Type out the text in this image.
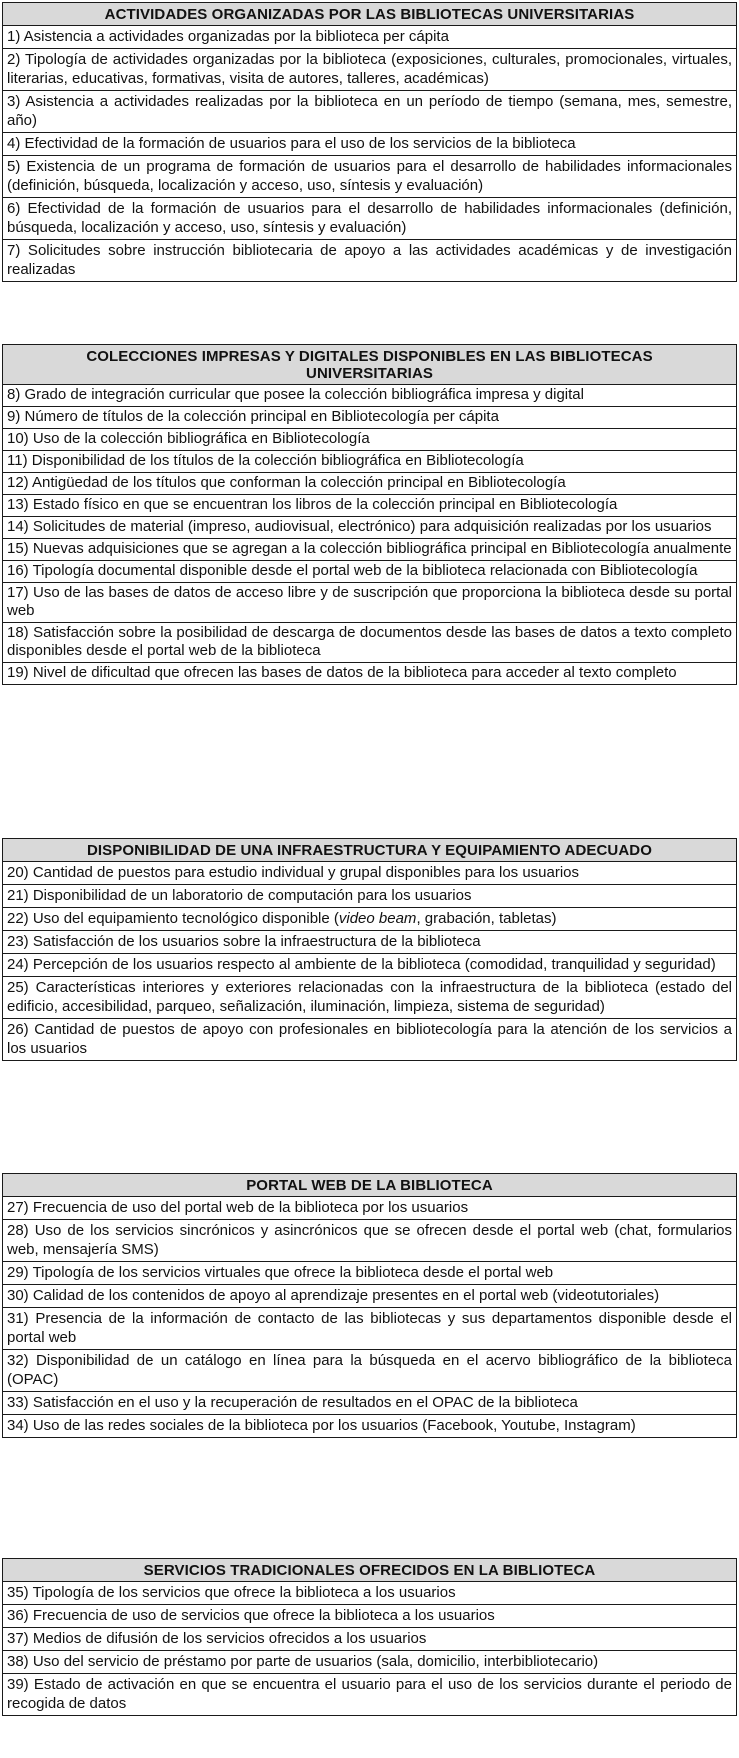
ACTIVIDADES ORGANIZADAS POR LAS BIBLIOTECAS UNIVERSITARIAS
1) Asistencia a actividades organizadas por la biblioteca per cápita
2) Tipología de actividades organizadas por la biblioteca (exposiciones, culturales, promocionales, virtuales, literarias, educativas, formativas, visita de autores, talleres, académicas)
3) Asistencia a actividades realizadas por la biblioteca en un período de tiempo (semana, mes, semestre, año)
4) Efectividad de la formación de usuarios para el uso de los servicios de la biblioteca
5) Existencia de un programa de formación de usuarios para el desarrollo de habilidades informacionales (definición, búsqueda, localización y acceso, uso, síntesis y evaluación)
6) Efectividad de la formación de usuarios para el desarrollo de habilidades informacionales (definición, búsqueda, localización y acceso, uso, síntesis y evaluación)
7) Solicitudes sobre instrucción bibliotecaria de apoyo a las actividades académicas y de investigación realizadas
COLECCIONES IMPRESAS Y DIGITALES DISPONIBLES EN LAS BIBLIOTECAS UNIVERSITARIAS
8) Grado de integración curricular que posee la colección bibliográfica impresa y digital
9) Número de títulos de la colección principal en Bibliotecología per cápita
10) Uso de la colección bibliográfica en Bibliotecología
11) Disponibilidad de los títulos de la colección bibliográfica en Bibliotecología
12) Antigüedad de los títulos que conforman la colección principal en Bibliotecología
13) Estado físico en que se encuentran los libros de la colección principal en Bibliotecología
14) Solicitudes de material (impreso, audiovisual, electrónico) para adquisición realizadas por los usuarios
15) Nuevas adquisiciones que se agregan a la colección bibliográfica principal en Bibliotecología anualmente
16) Tipología documental disponible desde el portal web de la biblioteca relacionada con Bibliotecología
17) Uso de las bases de datos de acceso libre y de suscripción que proporciona la biblioteca desde su portal web
18) Satisfacción sobre la posibilidad de descarga de documentos desde las bases de datos a texto completo disponibles desde el portal web de la biblioteca
19) Nivel de dificultad que ofrecen las bases de datos de la biblioteca para acceder al texto completo
DISPONIBILIDAD DE UNA INFRAESTRUCTURA Y EQUIPAMIENTO ADECUADO
20) Cantidad de puestos para estudio individual y grupal disponibles para los usuarios
21) Disponibilidad de un laboratorio de computación para los usuarios
22) Uso del equipamiento tecnológico disponible (video beam, grabación, tabletas)
23) Satisfacción de los usuarios sobre la infraestructura de la biblioteca
24) Percepción de los usuarios respecto al ambiente de la biblioteca (comodidad, tranquilidad y seguridad)
25) Características interiores y exteriores relacionadas con la infraestructura de la biblioteca (estado del edificio, accesibilidad, parqueo, señalización, iluminación, limpieza, sistema de seguridad)
26) Cantidad de puestos de apoyo con profesionales en bibliotecología para la atención de los servicios a los usuarios
PORTAL WEB DE LA BIBLIOTECA
27) Frecuencia de uso del portal web de la biblioteca por los usuarios
28) Uso de los servicios sincrónicos y asincrónicos que se ofrecen desde el portal web (chat, formularios web, mensajería SMS)
29) Tipología de los servicios virtuales que ofrece la biblioteca desde el portal web
30) Calidad de los contenidos de apoyo al aprendizaje presentes en el portal web (videotutoriales)
31) Presencia de la información de contacto de las bibliotecas y sus departamentos disponible desde el portal web
32) Disponibilidad de un catálogo en línea para la búsqueda en el acervo bibliográfico de la biblioteca (OPAC)
33) Satisfacción en el uso y la recuperación de resultados en el OPAC de la biblioteca
34) Uso de las redes sociales de la biblioteca por los usuarios (Facebook, Youtube, Instagram)
SERVICIOS TRADICIONALES OFRECIDOS EN LA BIBLIOTECA
35) Tipología de los servicios que ofrece la biblioteca a los usuarios
36) Frecuencia de uso de servicios que ofrece la biblioteca a los usuarios
37) Medios de difusión de los servicios ofrecidos a los usuarios
38) Uso del servicio de préstamo por parte de usuarios (sala, domicilio, interbibliotecario)
39) Estado de activación en que se encuentra el usuario para el uso de los servicios durante el periodo de recogida de datos
